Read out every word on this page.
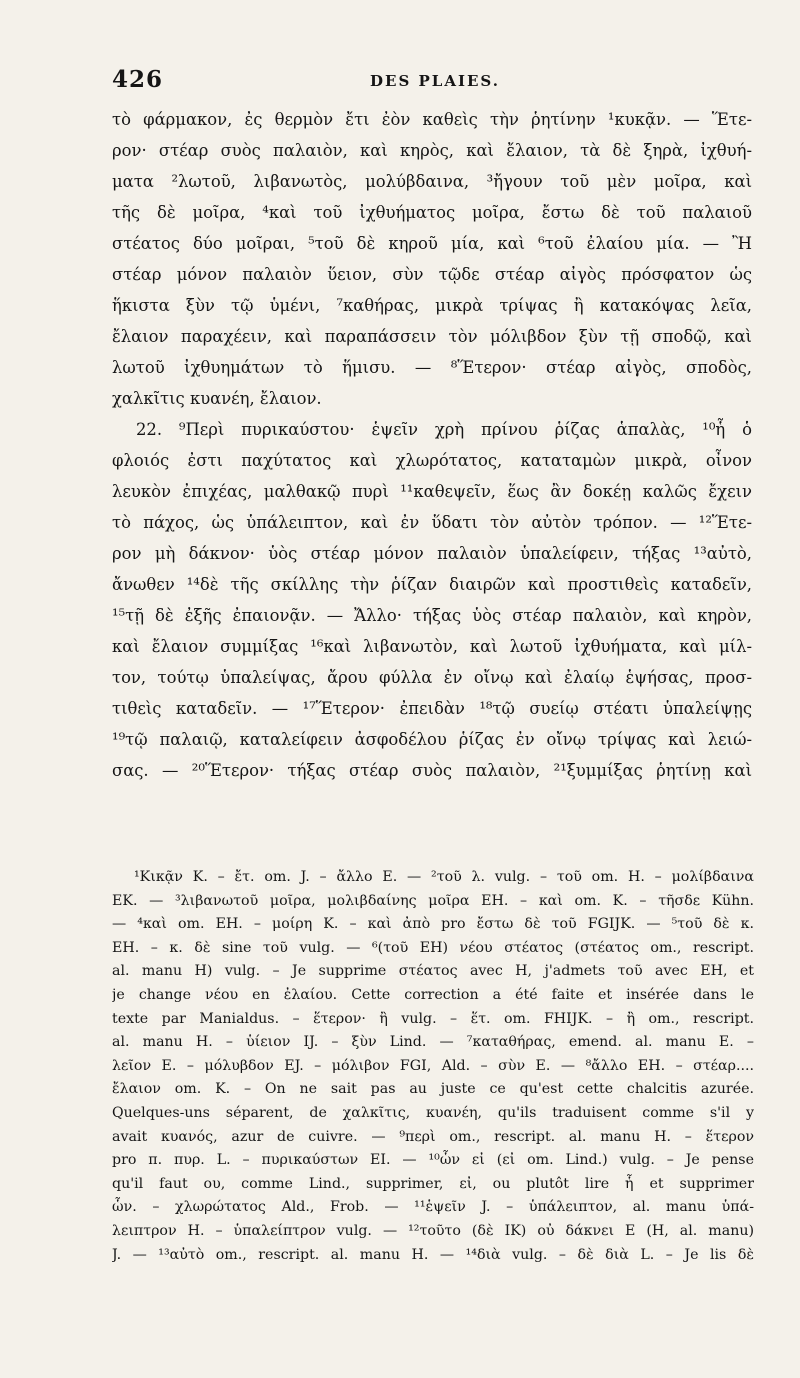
426	DES PLAIES.
τὸ φάρμακον, ἐς θερμὸν ἔτι ἐὸν καθεὶς τὴν ῥητίνην ¹κυκᾷν. — Ἕτε-
ρον· στέαρ συὸς παλαιὸν, καὶ κηρὸς, καὶ ἔλαιον, τὰ δὲ ξηρὰ, ἰχθυή-
ματα ²λωτοῦ, λιβανωτὸς, μολύβδαινα, ³ἤγουν τοῦ μὲν μοῖρα, καὶ
τῆς δὲ μοῖρα, ⁴καὶ τοῦ ἰχθυήματος μοῖρα, ἔστω δὲ τοῦ παλαιοῦ
στέατος δύο μοῖραι, ⁵τοῦ δὲ κηροῦ μία, καὶ ⁶τοῦ ἐλαίου μία. — Ἢ
στέαρ μόνον παλαιὸν ὕειον, σὺν τῷδε στέαρ αἰγὸς πρόσφατον ὡς
ἥκιστα ξὺν τῷ ὑμένι, ⁷καθήρας, μικρὰ τρίψας ἢ κατακόψας λεῖα,
ἔλαιον παραχέειν, καὶ παραπάσσειν τὸν μόλιβδον ξὺν τῇ σποδῷ, καὶ
λωτοῦ ἰχθυημάτων τὸ ἥμισυ. — ⁸Ἕτερον· στέαρ αἰγὸς, σποδὸς,
χαλκῖτις κυανέη, ἔλαιον.
22. ⁹Περὶ πυρικαύστου· ἑψεῖν χρὴ πρίνου ῥίζας ἁπαλὰς, ¹⁰ἧ ὁ
φλοιός ἐστι παχύτατος καὶ χλωρότατος, καταταμὼν μικρὰ, οἶνον
λευκὸν ἐπιχέας, μαλθακῷ πυρὶ ¹¹καθεψεῖν, ἕως ἂν δοκέῃ καλῶς ἔχειν
τὸ πάχος, ὡς ὑπάλειπτον, καὶ ἐν ὕδατι τὸν αὐτὸν τρόπον. — ¹²Ἕτε-
ρον μὴ δάκνον· ὑὸς στέαρ μόνον παλαιὸν ὑπαλείφειν, τήξας ¹³αὐτὸ,
ἄνωθεν ¹⁴δὲ τῆς σκίλλης τὴν ῥίζαν διαιρῶν καὶ προστιθεὶς καταδεῖν,
¹⁵τῇ δὲ ἐξῆς ἐπαιονᾷν. — Ἄλλο· τήξας ὑὸς στέαρ παλαιὸν, καὶ κηρὸν,
καὶ ἔλαιον συμμίξας ¹⁶καὶ λιβανωτὸν, καὶ λωτοῦ ἰχθυήματα, καὶ μίλ-
τον, τούτῳ ὑπαλείψας, ἄρου φύλλα ἐν οἴνῳ καὶ ἐλαίῳ ἑψήσας, προσ-
τιθεὶς καταδεῖν. — ¹⁷Ἕτερον· ἐπειδὰν ¹⁸τῷ συείῳ στέατι ὑπαλείψῃς
¹⁹τῷ παλαιῷ, καταλείφειν ἀσφοδέλου ῥίζας ἐν οἴνῳ τρίψας καὶ λειώ-
σας. — ²⁰Ἕτερον· τήξας στέαρ συὸς παλαιὸν, ²¹ξυμμίξας ῥητίνῃ καὶ
¹Κικᾷν K. – ἔτ. om. J. – ἄλλο E. — ²τοῦ λ. vulg. – τοῦ om. H. – μολίβδαινα
EK. — ³λιβανωτοῦ μοῖρα, μολιβδαίνης μοῖρα EH. – καὶ om. K. – τῆσδε Kühn.
— ⁴καὶ om. EH. – μοίρη K. – καὶ ἀπὸ pro ἔστω δὲ τοῦ FGIJK. — ⁵τοῦ δὲ κ.
EH. – κ. δὲ sine τοῦ vulg. — ⁶(τοῦ EH) νέου στέατος (στέατος om., rescript.
al. manu H) vulg. – Je supprime στέατος avec H, j'admets τοῦ avec EH, et
je change νέου en ἐλαίου. Cette correction a été faite et insérée dans le
texte par Manialdus. – ἕτερον· ἢ vulg. – ἕτ. om. FHIJK. – ἢ om., rescript.
al. manu H. – ὑίειον IJ. – ξὺν Lind. — ⁷καταθήρας, emend. al. manu E. –
λεῖον E. – μόλυβδον EJ. – μόλιβον FGI, Ald. – σὺν E. — ⁸ἄλλο EH. – στέαρ....
ἔλαιον om. K. – On ne sait pas au juste ce qu'est cette chalcitis azurée.
Quelques-uns séparent, de χαλκῖτις, κυανέη, qu'ils traduisent comme s'il y
avait κυανός, azur de cuivre. — ⁹περὶ om., rescript. al. manu H. – ἕτερον
pro π. πυρ. L. – πυρικαύστων EI. — ¹⁰ὧν εἰ (εἰ om. Lind.) vulg. – Je pense
qu'il faut ου, comme Lind., supprimer, εἰ, ou plutôt lire ἧ et supprimer
ὧν. – χλωρώτατος Ald., Frob. — ¹¹ἑψεῖν J. – ὑπάλειπτον, al. manu ὑπά-
λειπτρον H. – ὑπαλείπτρον vulg. — ¹²τοῦτο (δὲ IK) οὐ δάκνει E (H, al. manu)
J. — ¹³αὐτὸ om., rescript. al. manu H. — ¹⁴διὰ vulg. – δὲ διὰ L. – Je lis δὲ
